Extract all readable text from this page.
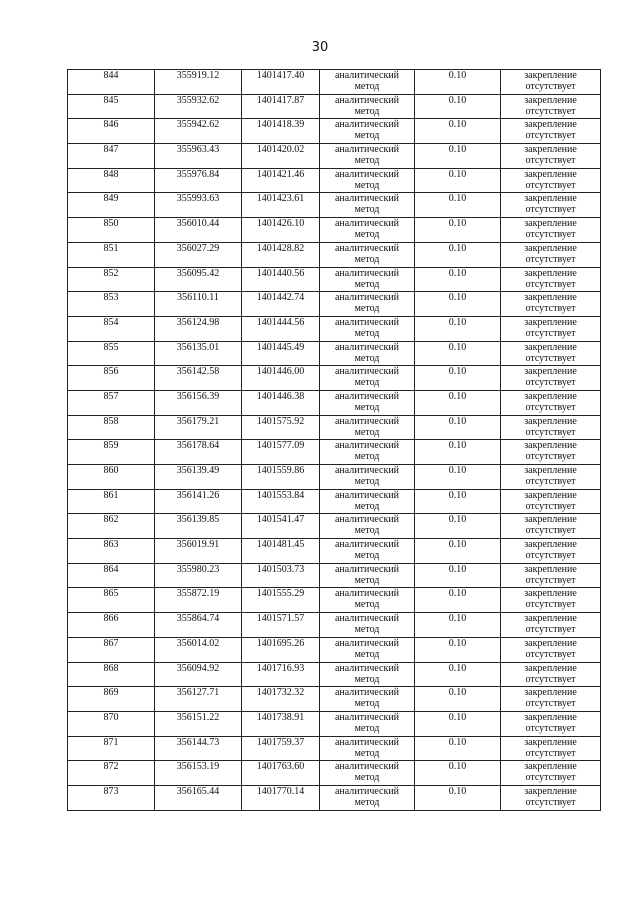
30
844	355919.12	1401417.40	аналитический
метод	0.10	закрепление
отсутствует

845	355932.62	1401417.87	аналитический
метод	0.10	закрепление
отсутствует

846	355942.62	1401418.39	аналитический
метод	0.10	закрепление
отсутствует

847	355963.43	1401420.02	аналитический
метод	0.10	закрепление
отсутствует

848	355976.84	1401421.46	аналитический
метод	0.10	закрепление
отсутствует

849	355993.63	1401423.61	аналитический
метод	0.10	закрепление
отсутствует

850	356010.44	1401426.10	аналитический
метод	0.10	закрепление
отсутствует

851	356027.29	1401428.82	аналитический
метод	0.10	закрепление
отсутствует

852	356095.42	1401440.56	аналитический
метод	0.10	закрепление
отсутствует

853	356110.11	1401442.74	аналитический
метод	0.10	закрепление
отсутствует

854	356124.98	1401444.56	аналитический
метод	0.10	закрепление
отсутствует

855	356135.01	1401445.49	аналитический
метод	0.10	закрепление
отсутствует

856	356142.58	1401446.00	аналитический
метод	0.10	закрепление
отсутствует

857	356156.39	1401446.38	аналитический
метод	0.10	закрепление
отсутствует

858	356179.21	1401575.92	аналитический
метод	0.10	закрепление
отсутствует

859	356178.64	1401577.09	аналитический
метод	0.10	закрепление
отсутствует

860	356139.49	1401559.86	аналитический
метод	0.10	закрепление
отсутствует

861	356141.26	1401553.84	аналитический
метод	0.10	закрепление
отсутствует

862	356139.85	1401541.47	аналитический
метод	0.10	закрепление
отсутствует

863	356019.91	1401481.45	аналитический
метод	0.10	закрепление
отсутствует

864	355980.23	1401503.73	аналитический
метод	0.10	закрепление
отсутствует

865	355872.19	1401555.29	аналитический
метод	0.10	закрепление
отсутствует

866	355864.74	1401571.57	аналитический
метод	0.10	закрепление
отсутствует

867	356014.02	1401695.26	аналитический
метод	0.10	закрепление
отсутствует

868	356094.92	1401716.93	аналитический
метод	0.10	закрепление
отсутствует

869	356127.71	1401732.32	аналитический
метод	0.10	закрепление
отсутствует

870	356151.22	1401738.91	аналитический
метод	0.10	закрепление
отсутствует

871	356144.73	1401759.37	аналитический
метод	0.10	закрепление
отсутствует

872	356153.19	1401763.60	аналитический
метод	0.10	закрепление
отсутствует

873	356165.44	1401770.14	аналитический
метод	0.10	закрепление
отсутствует
